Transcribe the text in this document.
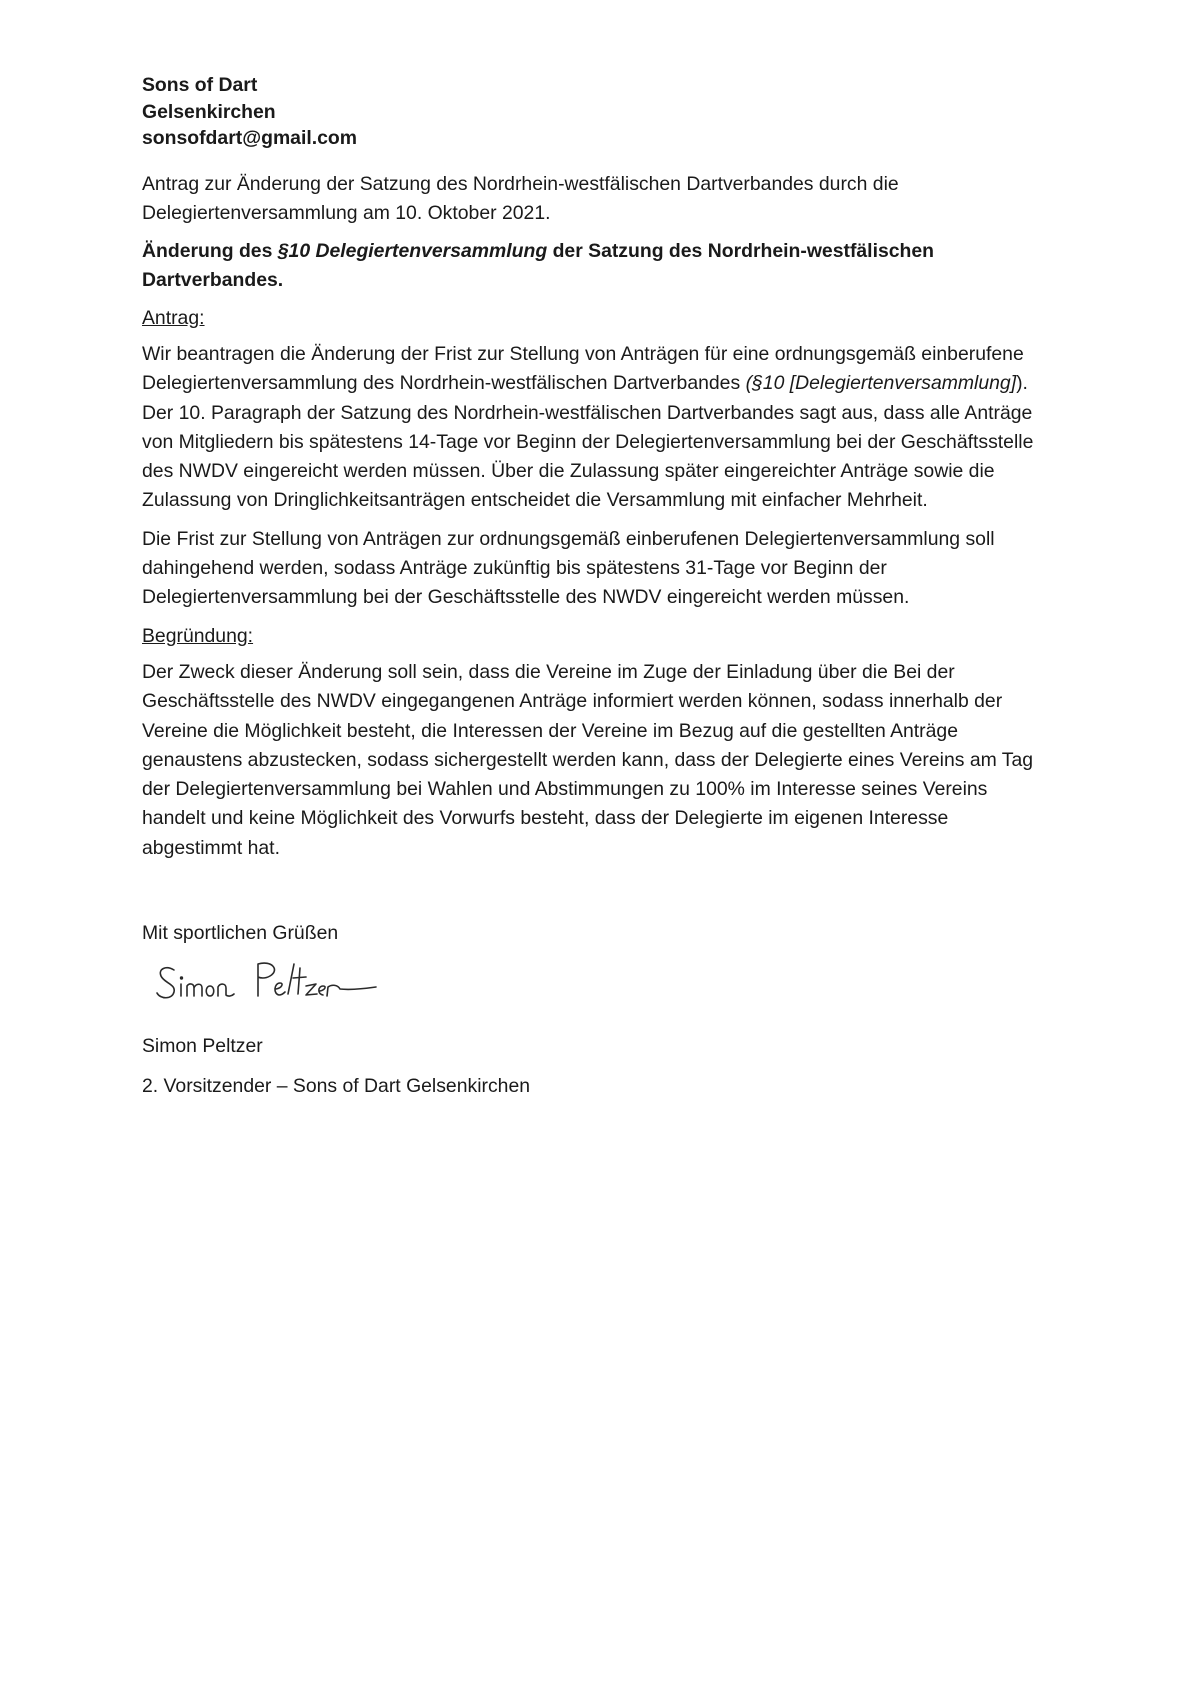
Sons of Dart
Gelsenkirchen
sonsofdart@gmail.com

Antrag zur Änderung der Satzung des Nordrhein-westfälischen Dartverbandes durch die Delegiertenversammlung am 10. Oktober 2021.

Änderung des §10 Delegiertenversammlung der Satzung des Nordrhein-westfälischen Dartverbandes.

Antrag:

Wir beantragen die Änderung der Frist zur Stellung von Anträgen für eine ordnungsgemäß einberufene Delegiertenversammlung des Nordrhein-westfälischen Dartverbandes (§10 [Delegiertenversammlung]). Der 10. Paragraph der Satzung des Nordrhein-westfälischen Dartverbandes sagt aus, dass alle Anträge von Mitgliedern bis spätestens 14-Tage vor Beginn der Delegiertenversammlung bei der Geschäftsstelle des NWDV eingereicht werden müssen. Über die Zulassung später eingereichter Anträge sowie die Zulassung von Dringlichkeitsanträgen entscheidet die Versammlung mit einfacher Mehrheit.

Die Frist zur Stellung von Anträgen zur ordnungsgemäß einberufenen Delegiertenversammlung soll dahingehend werden, sodass Anträge zukünftig bis spätestens 31-Tage vor Beginn der Delegiertenversammlung bei der Geschäftsstelle des NWDV eingereicht werden müssen.

Begründung:

Der Zweck dieser Änderung soll sein, dass die Vereine im Zuge der Einladung über die Bei der Geschäftsstelle des NWDV eingegangenen Anträge informiert werden können, sodass innerhalb der Vereine die Möglichkeit besteht, die Interessen der Vereine im Bezug auf die gestellten Anträge genaustens abzustecken, sodass sichergestellt werden kann, dass der Delegierte eines Vereins am Tag der Delegiertenversammlung bei Wahlen und Abstimmungen zu 100% im Interesse seines Vereins handelt und keine Möglichkeit des Vorwurfs besteht, dass der Delegierte im eigenen Interesse abgestimmt hat.

Mit sportlichen Grüßen

Simon Peltzer

2. Vorsitzender – Sons of Dart Gelsenkirchen
